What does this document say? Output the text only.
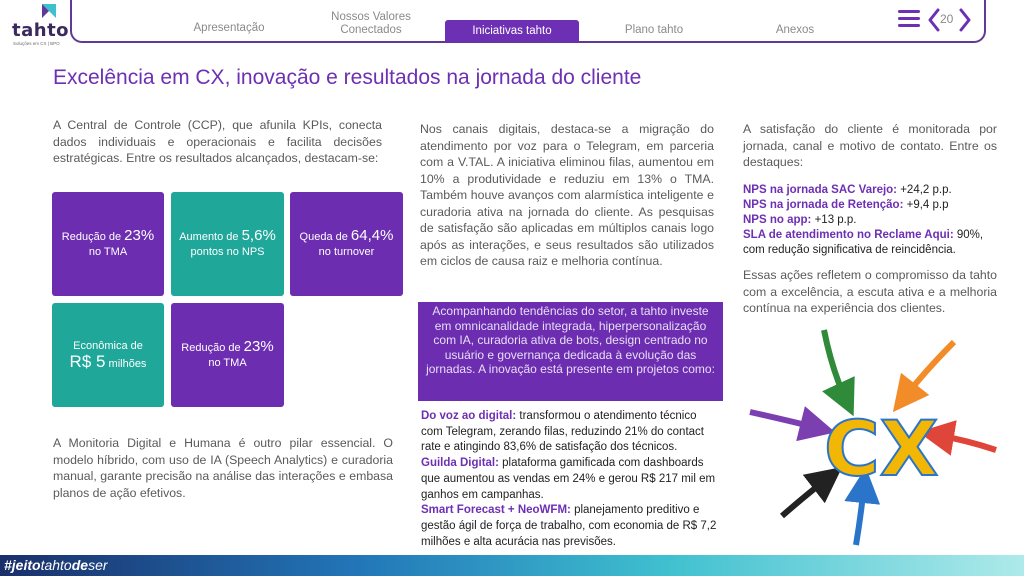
tahto
Soluções em CX | BPO
Apresentação
Nossos Valores
Conectados	Iniciativas tahto	Plano tahto	Anexos
20
Excelência em CX, inovação e resultados na jornada do cliente

A Central de Controle (CCP), que afunila KPIs, conecta dados individuais e operacionais e facilita decisões estratégicas. Entre os resultados alcançados, destacam-se:

Redução de 23%
no TMA
Aumento de 5,6%
pontos no NPS
Queda de 64,4%
no turnover
Econômica de
R$ 5 milhões
Redução de 23%
no TMA

A Monitoria Digital e Humana é outro pilar essencial. O modelo híbrido, com uso de IA (Speech Analytics) e curadoria manual, garante precisão na análise das interações e embasa planos de ação efetivos.

Nos canais digitais, destaca-se a migração do atendimento por voz para o Telegram, em parceria com a V.TAL. A iniciativa eliminou filas, aumentou em 10% a produtividade e reduziu em 13% o TMA. Também houve avanços com alarmística inteligente e curadoria ativa na jornada do cliente. As pesquisas de satisfação são aplicadas em múltiplos canais logo após as interações, e seus resultados são utilizados em ciclos de causa raiz e melhoria contínua.

Acompanhando tendências do setor, a tahto investe em omnicanalidade integrada, hiperpersonalização com IA, curadoria ativa de bots, design centrado no usuário e governança dedicada à evolução das jornadas. A inovação está presente em projetos como:
Do voz ao digital: transformou o atendimento técnico com Telegram, zerando filas, reduzindo 21% do contact rate e atingindo 83,6% de satisfação dos técnicos.
Guilda Digital: plataforma gamificada com dashboards que aumentou as vendas em 24% e gerou R$ 217 mil em ganhos em campanhas.
Smart Forecast + NeoWFM: planejamento preditivo e gestão ágil de força de trabalho, com economia de R$ 7,2 milhões e alta acurácia nas previsões.

A satisfação do cliente é monitorada por jornada, canal e motivo de contato. Entre os destaques:

NPS na jornada SAC Varejo: +24,2 p.p.
NPS na jornada de Retenção: +9,4 p.p
NPS no app: +13 p.p.
SLA de atendimento no Reclame Aqui: 90%, com redução significativa de reincidência.

Essas ações refletem o compromisso da tahto com a excelência, a escuta ativa e a melhoria contínua na experiência dos clientes.

CX
#jeitotahtodeser
